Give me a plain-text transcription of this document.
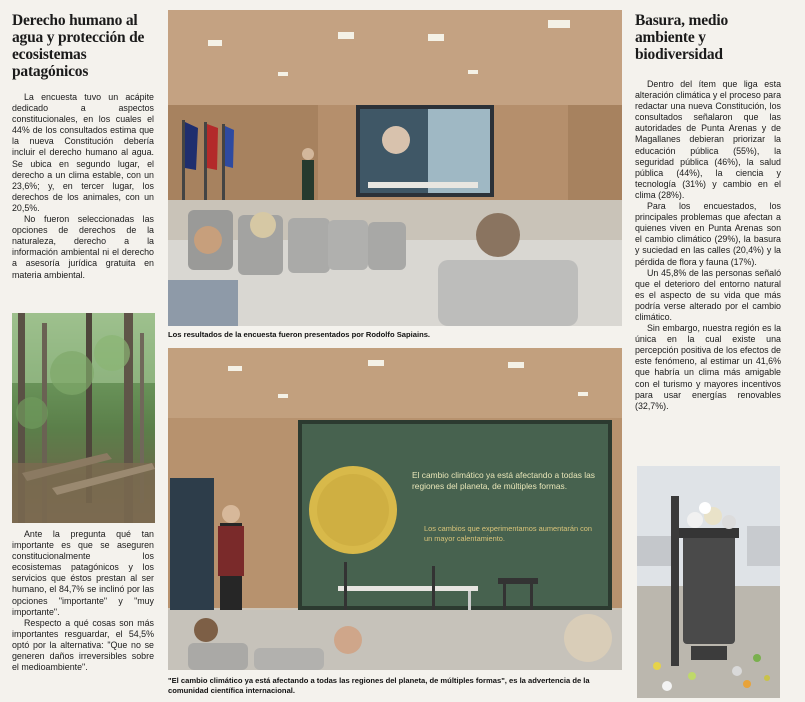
Derecho humano al agua y protección de ecosistemas patagónicos

La encuesta tuvo un acápite dedicado a aspectos constitucionales, en los cuales el 44% de los consultados estima que la nueva Constitución debería incluir el derecho humano al agua. Se ubica en segundo lugar, el derecho a un clima estable, con un 23,6%; y, en tercer lugar, los derechos de los animales, con un 20,5%.

No fueron seleccionadas las opciones de derechos de la naturaleza, derecho a la información ambiental ni el derecho a asesoría jurídica gratuita en materia ambiental.

Ante la pregunta qué tan importante es que se aseguren constitucionalmente los ecosistemas patagónicos y los servicios que éstos prestan al ser humano, el 84,7% se inclinó por las opciones "importante" y "muy importante".

Respecto a qué cosas son más importantes resguardar, el 54,5% optó por la alternativa: "Que no se generen daños irreversibles sobre el medioambiente".

Los resultados de la encuesta fueron presentados por Rodolfo Sapiains.
El cambio climático ya está afectando a todas las regiones del planeta, de múltiples formas.
Los cambios que experimentamos aumentarán con un mayor calentamiento.
"El cambio climático ya está afectando a todas las regiones del planeta, de múltiples formas", es la advertencia de la comunidad científica internacional.
Basura, medio ambiente y biodiversidad

Dentro del ítem que liga esta alteración climática y el proceso para redactar una nueva Constitución, los consultados señalaron que las autoridades de Punta Arenas y de Magallanes debieran priorizar la educación pública (55%), la seguridad pública (46%), la salud pública (44%), la ciencia y tecnología (31%) y cambio en el clima (28%).

Para los encuestados, los principales problemas que afectan a quienes viven en Punta Arenas son el cambio climático (29%), la basura y suciedad en las calles (20,4%) y la pérdida de flora y fauna (17%).

Un 45,8% de las personas señaló que el deterioro del entorno natural es el aspecto de su vida que más podría verse alterado por el cambio climático.

Sin embargo, nuestra región es la única en la cual existe una percepción positiva de los efectos de este fenómeno, al estimar un 41,6% que habría un clima más amigable con el turismo y mayores incentivos para usar energías renovables (32,7%).
